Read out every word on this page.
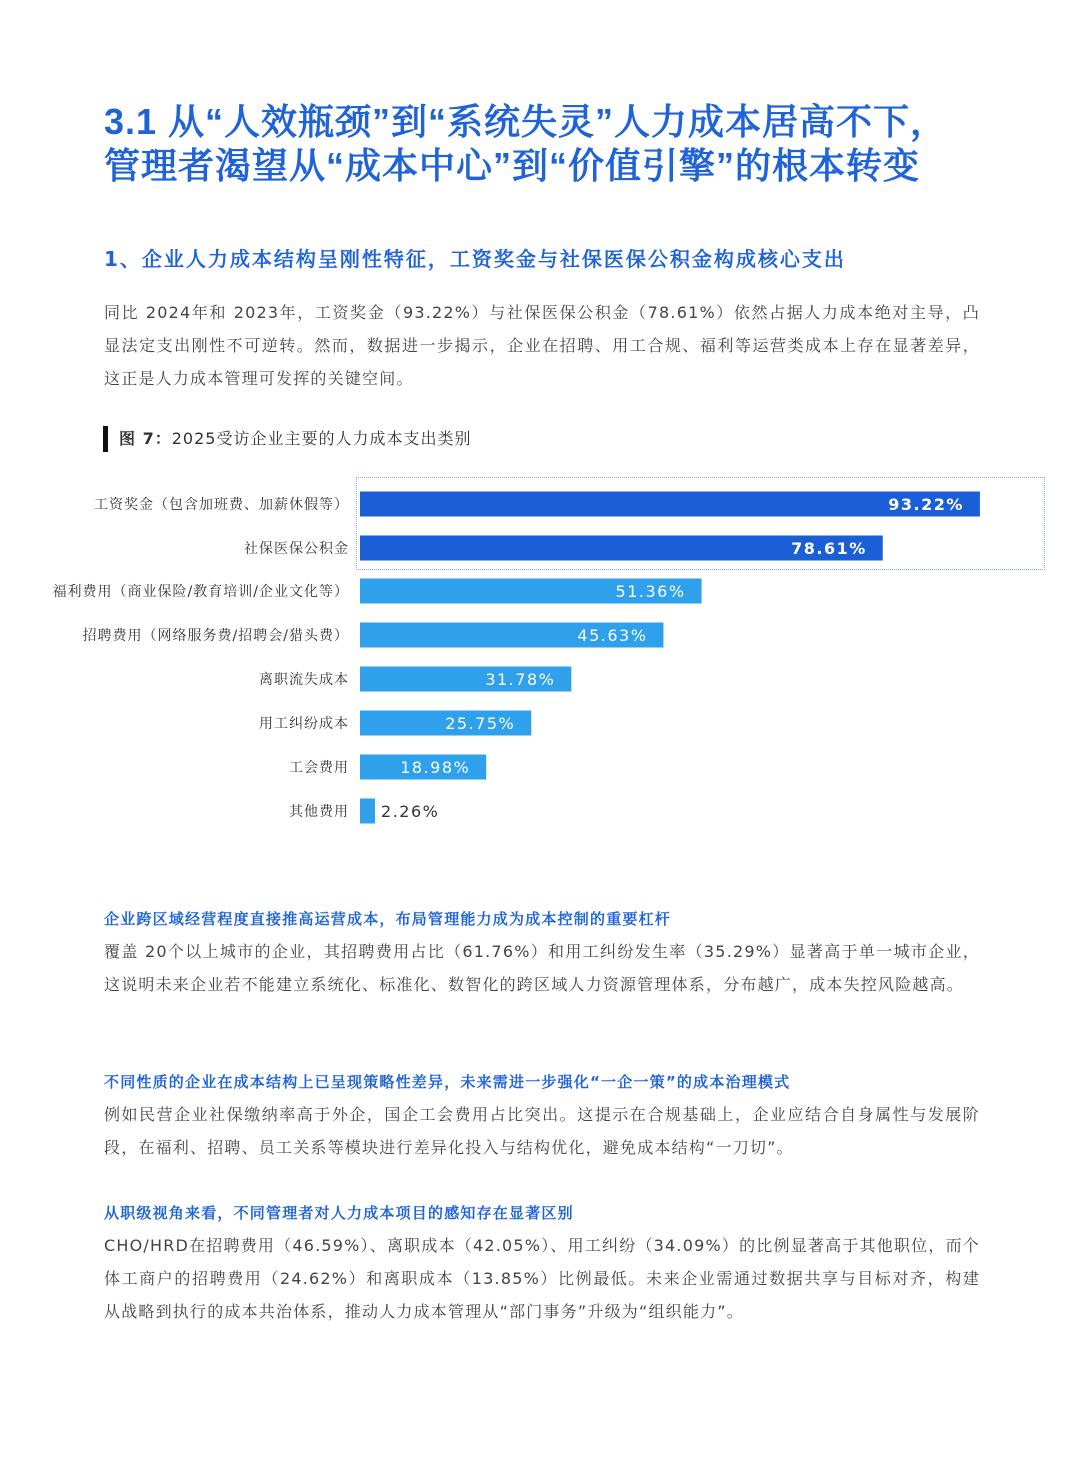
3.1 从“人效瓶颈”到“系统失灵”人力成本居高不下，管理者渴望从“成本中心”到“价值引擎”的根本转变
1、企业人力成本结构呈刚性特征，工资奖金与社保医保公积金构成核心支出

同比 2024年和 2023年，工资奖金（93.22%）与社保医保公积金（78.61%）依然占据人力成本绝对主导，凸显法定支出刚性不可逆转。然而，数据进一步揭示，企业在招聘、用工合规、福利等运营类成本上存在显著差异，这正是人力成本管理可发挥的关键空间。

图 7：2025受访企业主要的人力成本支出类别
工资奖金（包含加班费、加薪休假等）	93.22%
社保医保公积金	78.61%
福利费用（商业保险/教育培训/企业文化等）	51.36%
招聘费用（网络服务费/招聘会/猎头费）	45.63%
离职流失成本	31.78%
用工纠纷成本	25.75%
工会费用	18.98%
其他费用 2.26%
企业跨区域经营程度直接推高运营成本，布局管理能力成为成本控制的重要杠杆

覆盖 20个以上城市的企业，其招聘费用占比（61.76%）和用工纠纷发生率（35.29%）显著高于单一城市企业，这说明未来企业若不能建立系统化、标准化、数智化的跨区域人力资源管理体系，分布越广，成本失控风险越高。

不同性质的企业在成本结构上已呈现策略性差异，未来需进一步强化“一企一策”的成本治理模式

例如民营企业社保缴纳率高于外企，国企工会费用占比突出。这提示在合规基础上，企业应结合自身属性与发展阶段，在福利、招聘、员工关系等模块进行差异化投入与结构优化，避免成本结构“一刀切”。

从职级视角来看，不同管理者对人力成本项目的感知存在显著区别

CHO/HRD在招聘费用（46.59%）、离职成本（42.05%）、用工纠纷（34.09%）的比例显著高于其他职位，而个体工商户的招聘费用（24.62%）和离职成本（13.85%）比例最低。未来企业需通过数据共享与目标对齐，构建从战略到执行的成本共治体系，推动人力成本管理从“部门事务”升级为“组织能力”。
